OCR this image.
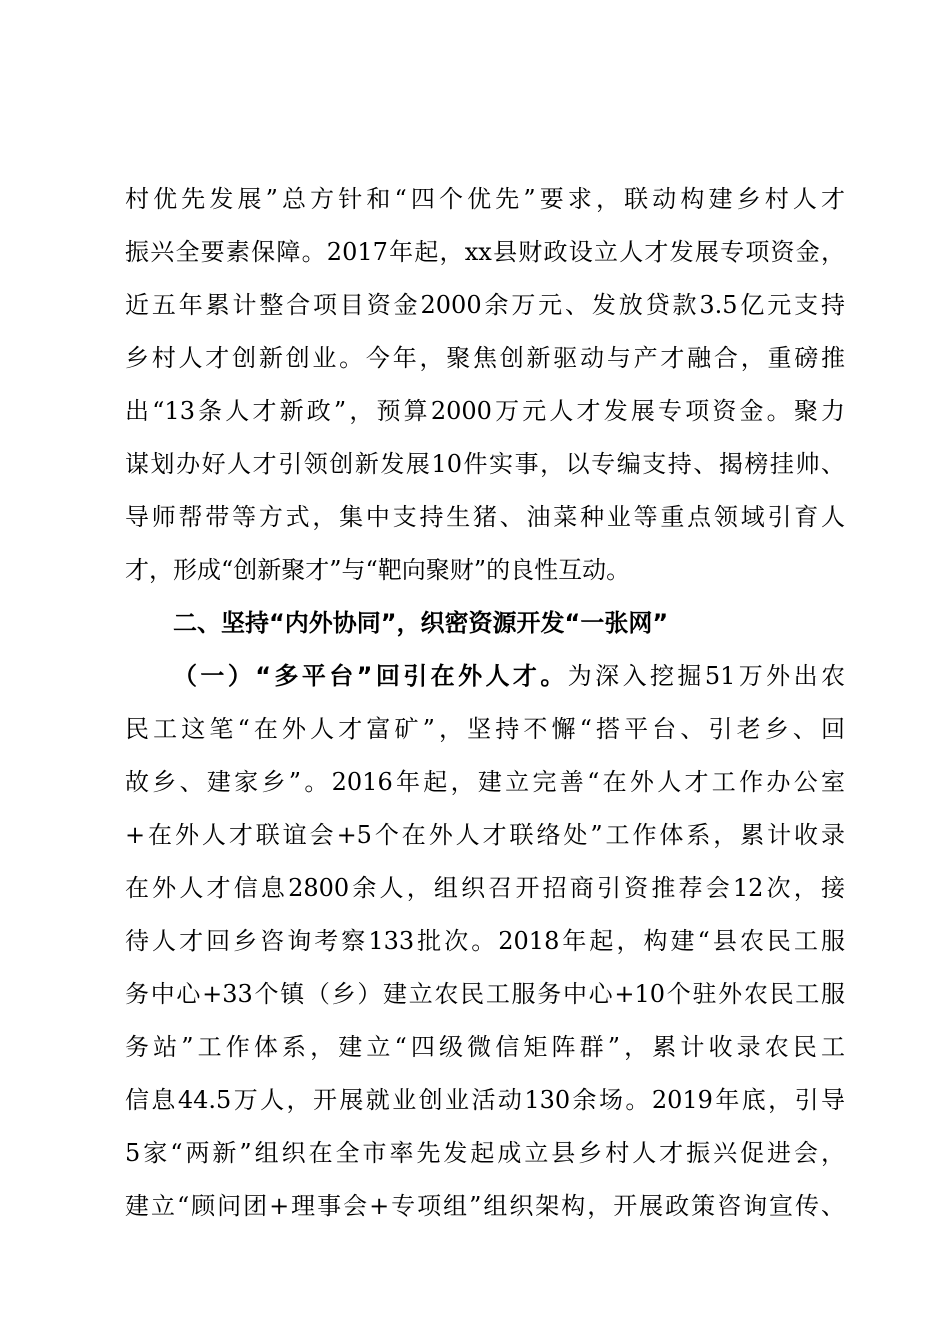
村优先发展”总方针和“四个优先”要求，联动构建乡村人才
振兴全要素保障。2017年起，xx县财政设立人才发展专项资金，
近五年累计整合项目资金2000余万元、发放贷款3.5亿元支持
乡村人才创新创业。今年，聚焦创新驱动与产才融合，重磅推
出“13条人才新政”，预算2000万元人才发展专项资金。聚力
谋划办好人才引领创新发展10件实事，以专编支持、揭榜挂帅、
导师帮带等方式，集中支持生猪、油菜种业等重点领域引育人
才，形成“创新聚才”与“靶向聚财”的良性互动。
二、坚持“内外协同”，织密资源开发“一张网”
（一）“多平台”回引在外人才。为深入挖掘51万外出农
民工这笔“在外人才富矿”，坚持不懈“搭平台、引老乡、回
故乡、建家乡”。2016年起，建立完善“在外人才工作办公室
+在外人才联谊会+5个在外人才联络处”工作体系，累计收录
在外人才信息2800余人，组织召开招商引资推荐会12次，接
待人才回乡咨询考察133批次。2018年起，构建“县农民工服
务中心+33个镇（乡）建立农民工服务中心+10个驻外农民工服
务站”工作体系，建立“四级微信矩阵群”，累计收录农民工
信息44.5万人，开展就业创业活动130余场。2019年底，引导
5家“两新”组织在全市率先发起成立县乡村人才振兴促进会，
建立“顾问团+理事会+专项组”组织架构，开展政策咨询宣传、
